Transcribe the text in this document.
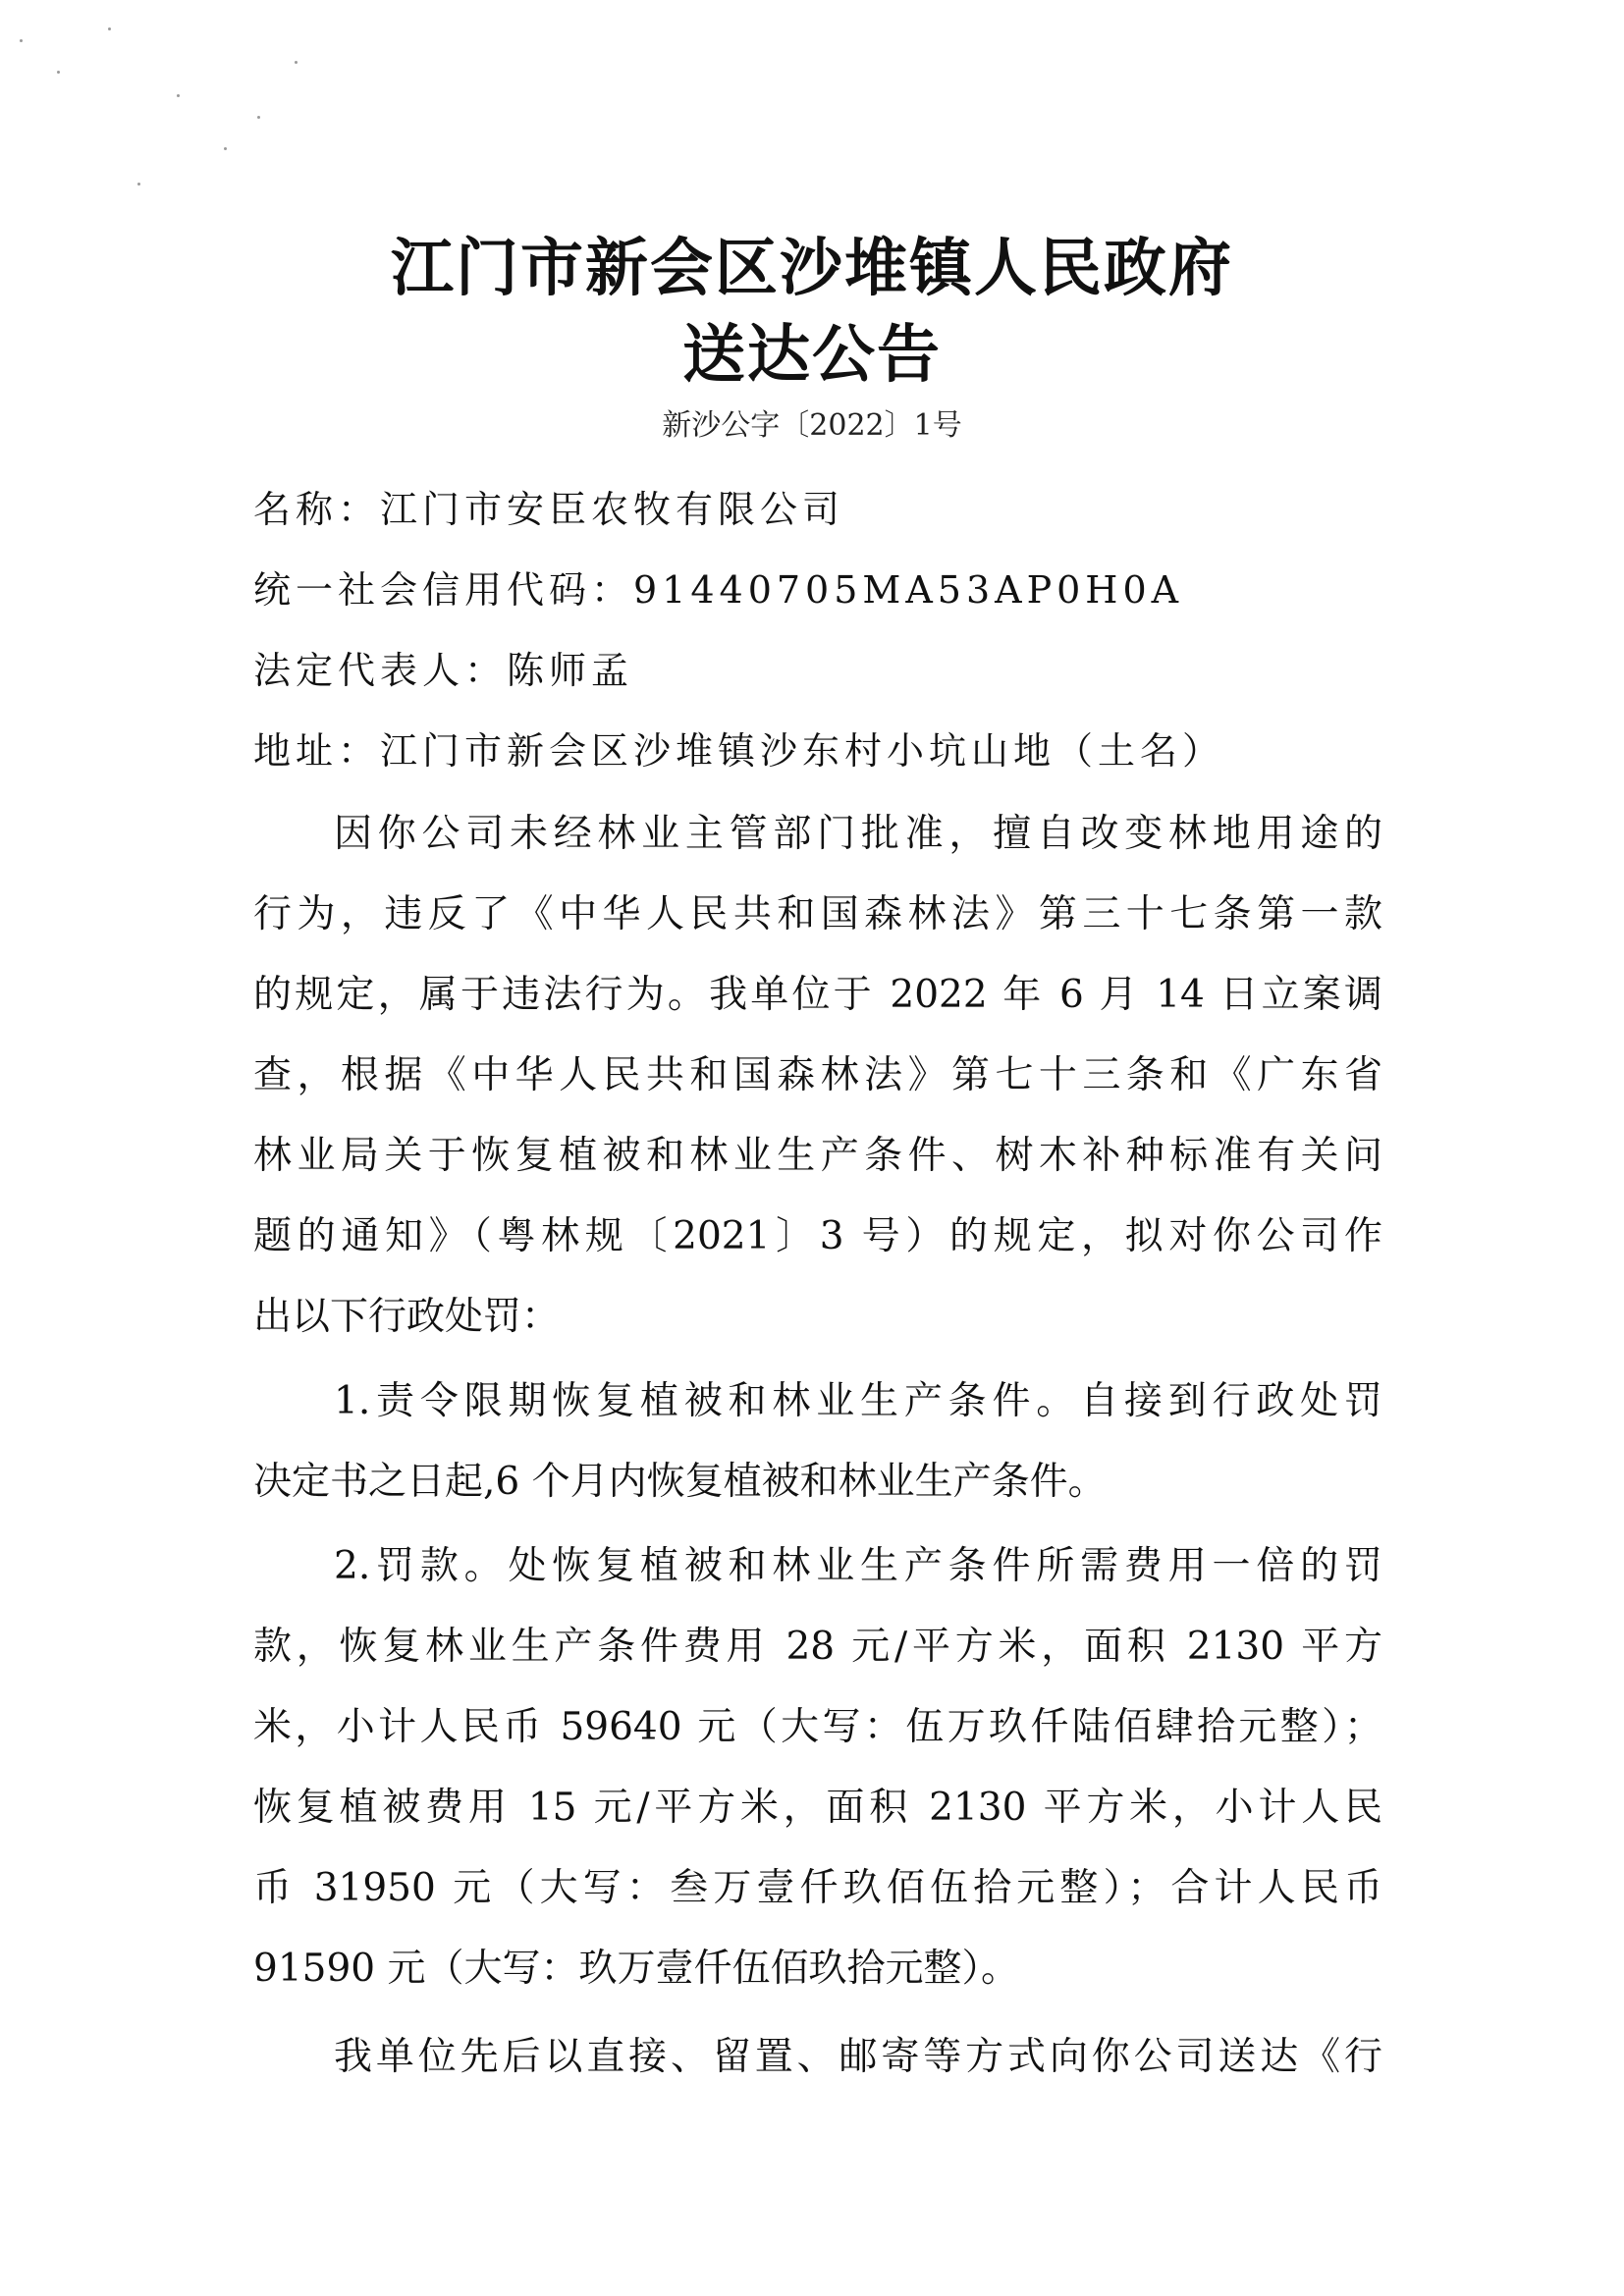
江门市新会区沙堆镇人民政府
送达公告
新沙公字〔2022〕1号
名称：江门市安臣农牧有限公司
统一社会信用代码：91440705MA53AP0H0A
法定代表人：陈师孟
地址：江门市新会区沙堆镇沙东村小坑山地（土名）
因你公司未经林业主管部门批准，擅自改变林地用途的
行为，违反了《中华人民共和国森林法》第三十七条第一款
的规定，属于违法行为。我单位于 2022 年 6 月 14 日立案调
查，根据《中华人民共和国森林法》第七十三条和《广东省
林业局关于恢复植被和林业生产条件、树木补种标准有关问
题的通知》（粤林规〔2021〕3 号）的规定，拟对你公司作
出以下行政处罚：
1.责令限期恢复植被和林业生产条件。自接到行政处罚
决定书之日起,6 个月内恢复植被和林业生产条件。
2.罚款。处恢复植被和林业生产条件所需费用一倍的罚
款，恢复林业生产条件费用 28 元/平方米，面积 2130 平方
米，小计人民币 59640 元（大写：伍万玖仟陆佰肆拾元整）；
恢复植被费用 15 元/平方米，面积 2130 平方米，小计人民
币 31950 元（大写：叁万壹仟玖佰伍拾元整）；合计人民币
91590 元（大写：玖万壹仟伍佰玖拾元整）。
我单位先后以直接、留置、邮寄等方式向你公司送达《行
